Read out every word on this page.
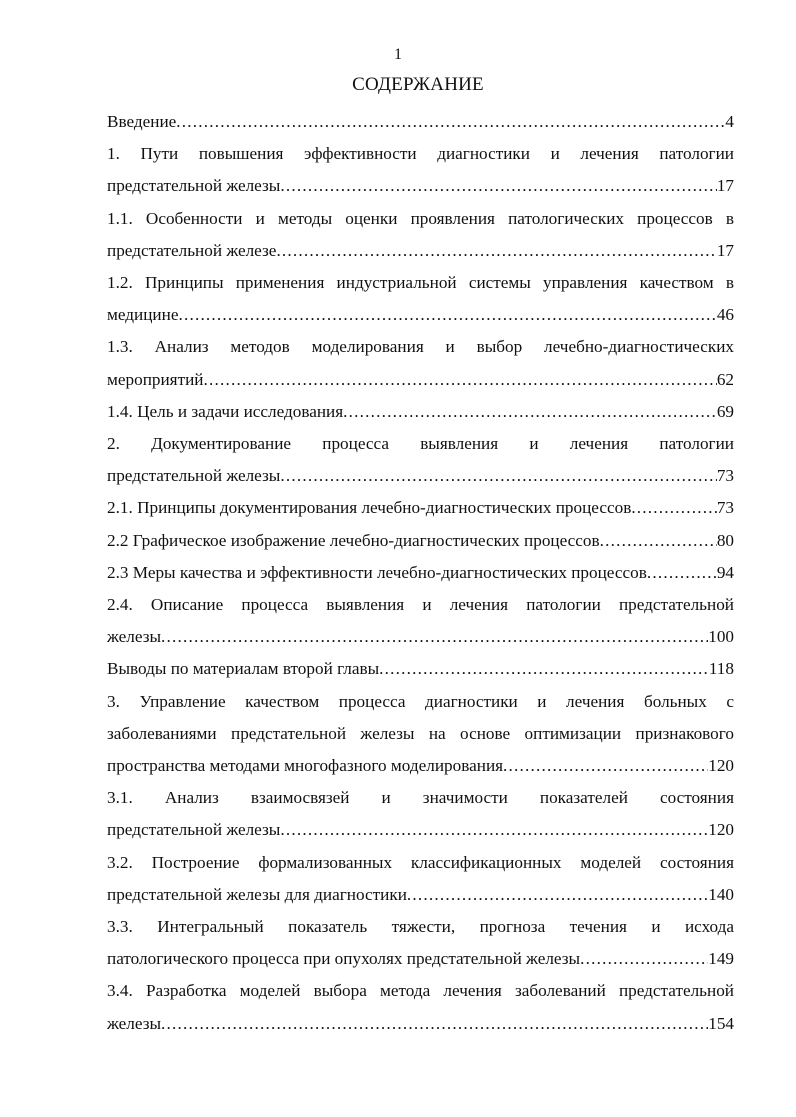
1
СОДЕРЖАНИЕ
Введение .....	4
1. Пути повышения эффективности диагностики и лечения патологии
предстательной железы .....	17
1.1. Особенности и методы оценки проявления патологических процессов в
предстательной железе .....	17
1.2. Принципы применения индустриальной системы управления качеством в
медицине .....	46
1.3. Анализ методов моделирования и выбор лечебно-диагностических
мероприятий .....	62
1.4. Цель и задачи исследования .....	69
2. Документирование процесса выявления и лечения патологии
предстательной железы .....	73
2.1. Принципы документирования лечебно-диагностических процессов .....	73
2.2 Графическое изображение лечебно-диагностических процессов .....	80
2.3 Меры качества и эффективности лечебно-диагностических процессов .....	94
2.4. Описание процесса выявления и лечения патологии предстательной
железы .....	100
Выводы по материалам второй главы .....	118
3. Управление качеством процесса диагностики и лечения больных с
заболеваниями предстательной железы на основе оптимизации признакового
пространства методами многофазного моделирования .....	120
3.1. Анализ взаимосвязей и значимости показателей состояния
предстательной железы .....	120
3.2. Построение формализованных классификационных моделей состояния
предстательной железы для диагностики .....	140
3.3. Интегральный показатель тяжести, прогноза течения и исхода
патологического процесса при опухолях предстательной железы .....	149
3.4. Разработка моделей выбора метода лечения заболеваний предстательной
железы .....	154
